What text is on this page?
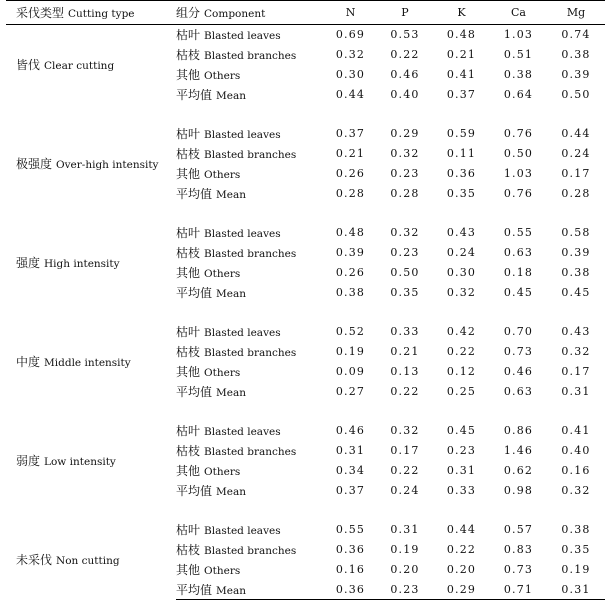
采伐类型 Cutting type	组分 Component	N	P	K	Ca	Mg
皆伐 Clear cutting	枯叶 Blasted leaves	0.69	0.53	0.48	1.03	0.74
	枯枝 Blasted branches	0.32	0.22	0.21	0.51	0.38
	其他 Others	0.30	0.46	0.41	0.38	0.39
	平均值 Mean	0.44	0.40	0.37	0.64	0.50

极强度 Over-high intensity	枯叶 Blasted leaves	0.37	0.29	0.59	0.76	0.44
	枯枝 Blasted branches	0.21	0.32	0.11	0.50	0.24
	其他 Others	0.26	0.23	0.36	1.03	0.17
	平均值 Mean	0.28	0.28	0.35	0.76	0.28

强度 High intensity	枯叶 Blasted leaves	0.48	0.32	0.43	0.55	0.58
	枯枝 Blasted branches	0.39	0.23	0.24	0.63	0.39
	其他 Others	0.26	0.50	0.30	0.18	0.38
	平均值 Mean	0.38	0.35	0.32	0.45	0.45

中度 Middle intensity	枯叶 Blasted leaves	0.52	0.33	0.42	0.70	0.43
	枯枝 Blasted branches	0.19	0.21	0.22	0.73	0.32
	其他 Others	0.09	0.13	0.12	0.46	0.17
	平均值 Mean	0.27	0.22	0.25	0.63	0.31

弱度 Low intensity	枯叶 Blasted leaves	0.46	0.32	0.45	0.86	0.41
	枯枝 Blasted branches	0.31	0.17	0.23	1.46	0.40
	其他 Others	0.34	0.22	0.31	0.62	0.16
	平均值 Mean	0.37	0.24	0.33	0.98	0.32

未采伐 Non cutting	枯叶 Blasted leaves	0.55	0.31	0.44	0.57	0.38
	枯枝 Blasted branches	0.36	0.19	0.22	0.83	0.35
	其他 Others	0.16	0.20	0.20	0.73	0.19
	平均值 Mean	0.36	0.23	0.29	0.71	0.31
